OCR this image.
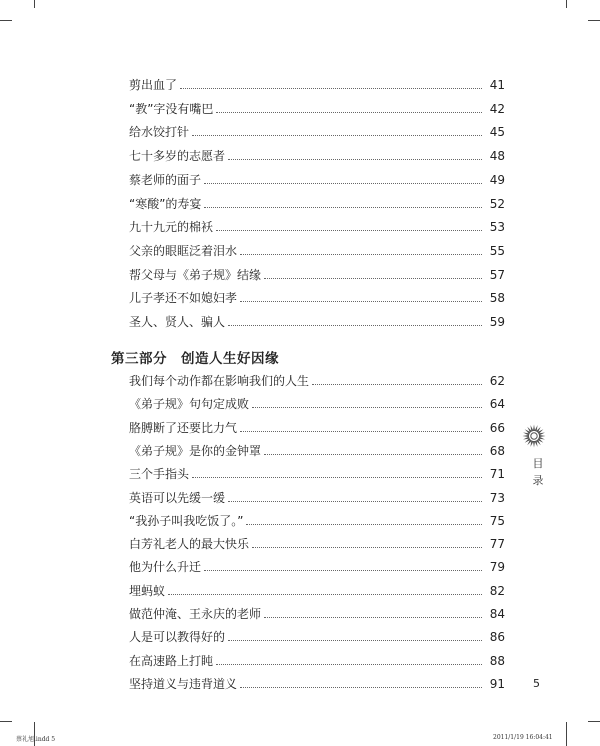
剪出血了	41
“教”字没有嘴巴	42
给水饺打针	45
七十多岁的志愿者	48
蔡老师的面子	49
“寒酸”的寿宴	52
九十九元的棉袄	53
父亲的眼眶泛着泪水	55
帮父母与《弟子规》结缘	57
儿子孝还不如媳妇孝	58
圣人、贤人、骗人	59
第三部分 创造人生好因缘
我们每个动作都在影响我们的人生	62
《弟子规》句句定成败	64
胳膊断了还要比力气	66
《弟子规》是你的金钟罩	68
三个手指头	71
英语可以先缓一缓	73
“我孙子叫我吃饭了。”	75
白芳礼老人的最大快乐	77
他为什么升迁	79
埋蚂蚁	82
做范仲淹、王永庆的老师	84
人是可以教得好的	86
在高速路上打盹	88
坚持道义与违背道义	91
目
录
5
蔡礼旭.indd 5	2011/1/19 16:04:41
